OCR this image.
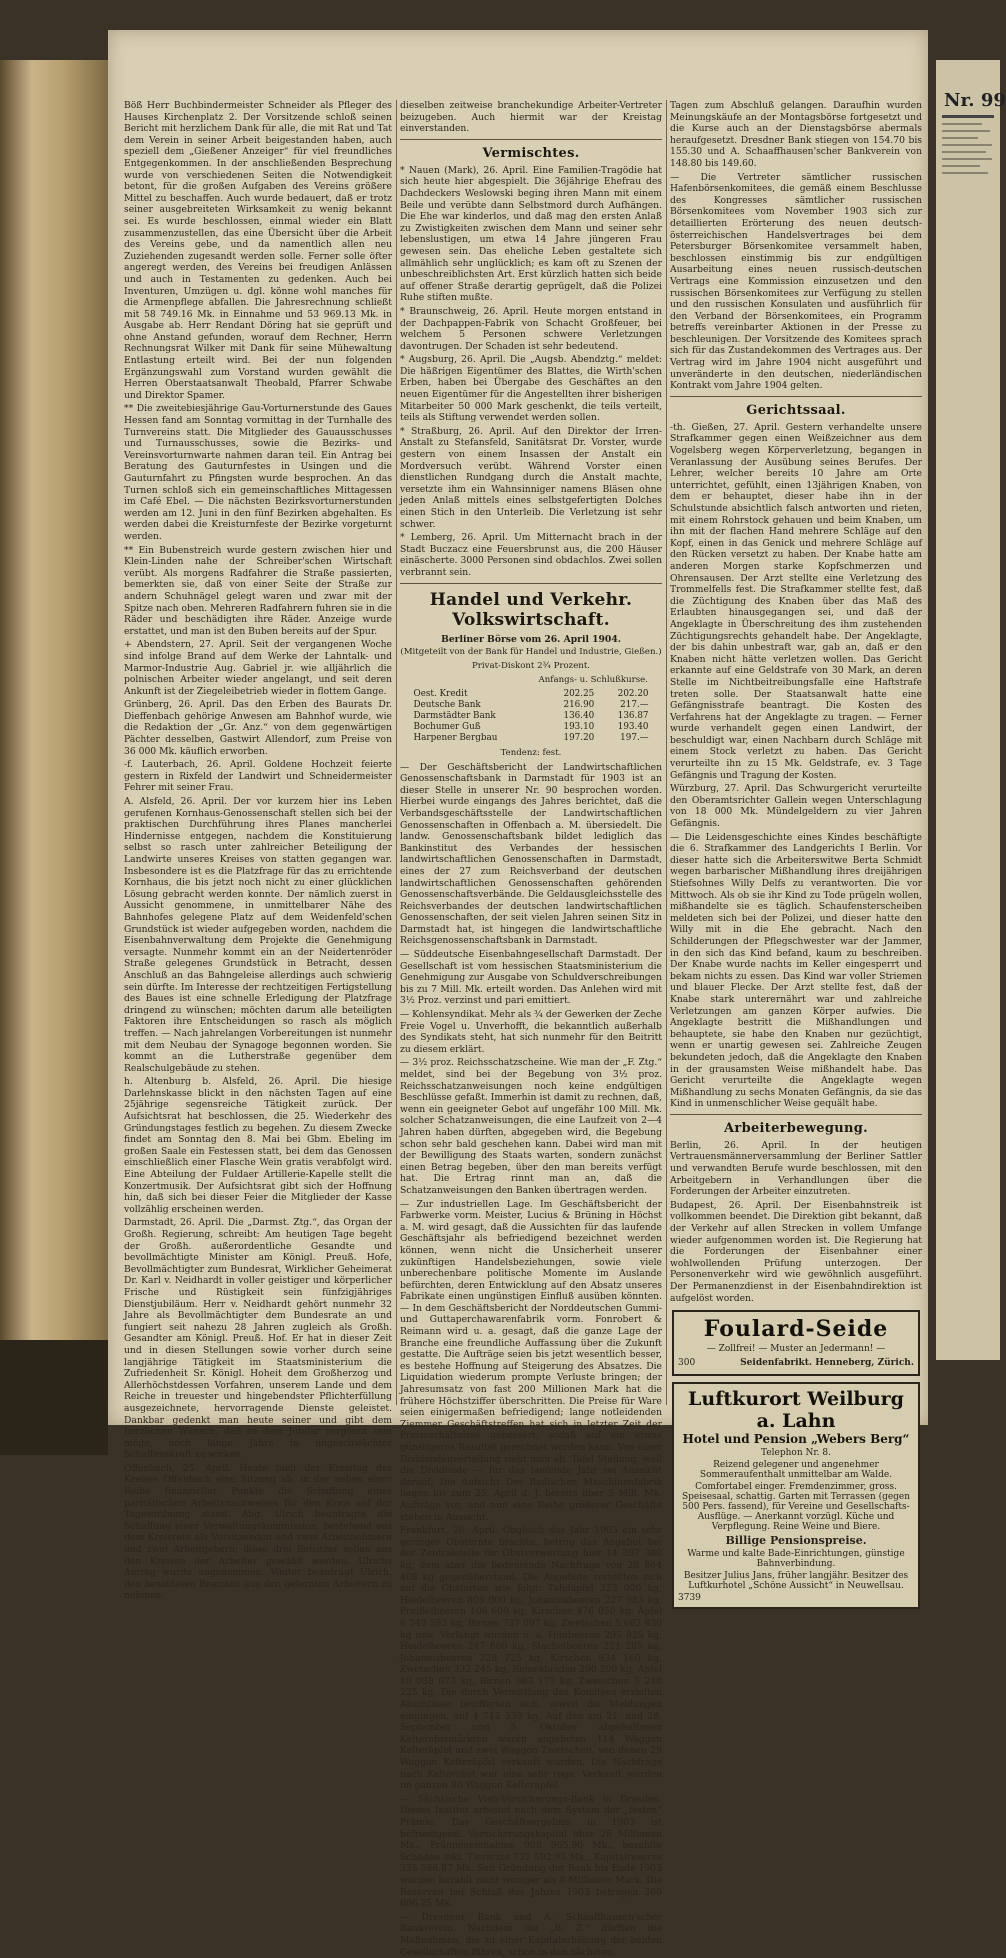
Nr. 99

Böß Herr Buchbindermeister Schneider als Pfleger des Hauses Kirchenplatz 2. Der Vorsitzende schloß seinen Bericht mit herzlichem Dank für alle, die mit Rat und Tat dem Verein in seiner Arbeit beigestanden haben, auch speziell dem „Gießener Anzeiger“ für viel freundliches Entgegenkommen. In der anschließenden Besprechung wurde von verschiedenen Seiten die Notwendigkeit betont, für die großen Aufgaben des Vereins größere Mittel zu beschaffen. Auch wurde bedauert, daß er trotz seiner ausgebreiteten Wirksamkeit zu wenig bekannt sei. Es wurde beschlossen, einmal wieder ein Blatt zusammenzustellen, das eine Übersicht über die Arbeit des Vereins gebe, und da namentlich allen neu Zuziehenden zugesandt werden solle. Ferner solle öfter angeregt werden, des Vereins bei freudigen Anlässen und auch in Testamenten zu gedenken. Auch bei Inventuren, Umzügen u. dgl. könne wohl manches für die Armenpflege abfallen. Die Jahresrechnung schließt mit 58 749.16 Mk. in Einnahme und 53 969.13 Mk. in Ausgabe ab. Herr Rendant Döring hat sie geprüft und ohne Anstand gefunden, worauf dem Rechner, Herrn Rechnungsrat Wilker mit Dank für seine Mühewaltung Entlastung erteilt wird. Bei der nun folgenden Ergänzungswahl zum Vorstand wurden gewählt die Herren Oberstaatsanwalt Theobald, Pfarrer Schwabe und Direktor Spamer.

** Die zweitebiesjährige Gau-Vorturnerstunde des Gaues Hessen fand am Sonntag vormittag in der Turnhalle des Turnvereins statt. Die Mitglieder des Gauausschusses und Turnausschusses, sowie die Bezirks- und Vereinsvorturnwarte nahmen daran teil. Ein Antrag bei Beratung des Gauturnfestes in Usingen und die Gauturnfahrt zu Pfingsten wurde besprochen. An das Turnen schloß sich ein gemeinschaftliches Mittagessen im Café Ebel. — Die nächsten Bezirksvorturnerstunden werden am 12. Juni in den fünf Bezirken abgehalten. Es werden dabei die Kreisturnfeste der Bezirke vorgeturnt werden.

** Ein Bubenstreich wurde gestern zwischen hier und Klein-Linden nahe der Schreiber'schen Wirtschaft verübt. Als morgens Radfahrer die Straße passierten, bemerkten sie, daß von einer Seite der Straße zur andern Schuhnägel gelegt waren und zwar mit der Spitze nach oben. Mehreren Radfahrern fuhren sie in die Räder und beschädigten ihre Räder. Anzeige wurde erstattet, und man ist den Buben bereits auf der Spur.

+ Abendstern, 27. April. Seit der vergangenen Woche sind infolge Brand auf dem Werke der Lahntalk- und Marmor-Industrie Aug. Gabriel jr. wie alljährlich die polnischen Arbeiter wieder angelangt, und seit deren Ankunft ist der Ziegeleibetrieb wieder in flottem Gange.

Grünberg, 26. April. Das den Erben des Baurats Dr. Dieffenbach gehörige Anwesen am Bahnhof wurde, wie die Redaktion der „Gr. Anz.“ von dem gegenwärtigen Pächter desselben, Gastwirt Allendorf, zum Preise von 36 000 Mk. käuflich erworben.

-f. Lauterbach, 26. April. Goldene Hochzeit feierte gestern in Rixfeld der Landwirt und Schneidermeister Fehrer mit seiner Frau.

A. Alsfeld, 26. April. Der vor kurzem hier ins Leben gerufenen Kornhaus-Genossenschaft stellen sich bei der praktischen Durchführung ihres Planes mancherlei Hindernisse entgegen, nachdem die Konstituierung selbst so rasch unter zahlreicher Beteiligung der Landwirte unseres Kreises von statten gegangen war. Insbesondere ist es die Platzfrage für das zu errichtende Kornhaus, die bis jetzt noch nicht zu einer glücklichen Lösung gebracht werden konnte. Der nämlich zuerst in Aussicht genommene, in unmittelbarer Nähe des Bahnhofes gelegene Platz auf dem Weidenfeld'schen Grundstück ist wieder aufgegeben worden, nachdem die Eisenbahnverwaltung dem Projekte die Genehmigung versagte. Nunmehr kommt ein an der Neidertenröder Straße gelegenes Grundstück in Betracht, dessen Anschluß an das Bahngeleise allerdings auch schwierig sein dürfte. Im Interesse der rechtzeitigen Fertigstellung des Baues ist eine schnelle Erledigung der Platzfrage dringend zu wünschen; möchten darum alle beteiligten Faktoren ihre Entscheidungen so rasch als möglich treffen. — Nach jahrelangen Vorbereitungen ist nunmehr mit dem Neubau der Synagoge begonnen worden. Sie kommt an die Lutherstraße gegenüber dem Realschulgebäude zu stehen.

h. Altenburg b. Alsfeld, 26. April. Die hiesige Darlehnskasse blickt in den nächsten Tagen auf eine 25jährige segensreiche Tätigkeit zurück. Der Aufsichtsrat hat beschlossen, die 25. Wiederkehr des Gründungstages festlich zu begehen. Zu diesem Zwecke findet am Sonntag den 8. Mai bei Gbm. Ebeling im großen Saale ein Festessen statt, bei dem das Genossen einschließlich einer Flasche Wein gratis verabfolgt wird. Eine Abteilung der Fuldaer Artillerie-Kapelle stellt die Konzertmusik. Der Aufsichtsrat gibt sich der Hoffnung hin, daß sich bei dieser Feier die Mitglieder der Kasse vollzählig erscheinen werden.

Darmstadt, 26. April. Die „Darmst. Ztg.“, das Organ der Großh. Regierung, schreibt: Am heutigen Tage begeht der Großh. außerordentliche Gesandte und bevollmächtigte Minister am Königl. Preuß. Hofe, Bevollmächtigter zum Bundesrat, Wirklicher Geheimerat Dr. Karl v. Neidhardt in voller geistiger und körperlicher Frische und Rüstigkeit sein fünfzigjähriges Dienstjubiläum. Herr v. Neidhardt gehört nunmehr 32 Jahre als Bevollmächtigter dem Bundesrate an und fungiert seit nahezu 28 Jahren zugleich als Großh. Gesandter am Königl. Preuß. Hof. Er hat in dieser Zeit und in diesen Stellungen sowie vorher durch seine langjährige Tätigkeit im Staatsministerium die Zufriedenheit Sr. Königl. Hoheit dem Großherzog und Allerhöchstdessen Vorfahren, unserem Lande und dem Reiche in treuester und hingebendster Pflichterfüllung ausgezeichnete, hervorragende Dienste geleistet. Dankbar gedenkt man heute seiner und gibt dem herzlichen Wunsch, daß es dem Jubilar vergönnt sein möge, noch lange Jahre in ungeschwächter Schaffenskraft zu wirken.

Offenbach, 25. April. Heute hielt der Kreistag des Kreises Offenbach eine Sitzung ab, in der neben einer Reihe finanzieller Punkte die Schaffung eines paritätischen Arbeitsnachweises für den Kreis auf der Tagesordnung stand. Abg. Ulrich beantragte die Schaffung einer Verwaltungskommission, bestehend aus dem Kreisrate als Vorsitzenden und zwei Arbeitnehmern und zwei Arbeitgebern; diese drei Beisitzer sollen aus den Kreisen der Arbeiter gewählt werden. Ulrichs Antrag wurde angenommen. Weiter beantragt Ulrich, den besoldeten Beamten aus den gelernten Arbeitern zu nehmen.

dieselben zeitweise branchekundige Arbeiter-Vertreter beizugeben. Auch hiermit war der Kreistag einverstanden.

Vermischtes.

* Nauen (Mark), 26. April. Eine Familien-Tragödie hat sich heute hier abgespielt. Die 36jährige Ehefrau des Dachdeckers Weslowski beging ihren Mann mit einem Beile und verübte dann Selbstmord durch Aufhängen. Die Ehe war kinderlos, und daß mag den ersten Anlaß zu Zwistigkeiten zwischen dem Mann und seiner sehr lebenslustigen, um etwa 14 Jahre jüngeren Frau gewesen sein. Das eheliche Leben gestaltete sich allmählich sehr unglücklich; es kam oft zu Szenen der unbeschreiblichsten Art. Erst kürzlich hatten sich beide auf offener Straße derartig geprügelt, daß die Polizei Ruhe stiften mußte.

* Braunschweig, 26. April. Heute morgen entstand in der Dachpappen-Fabrik von Schacht Großfeuer, bei welchem 5 Personen schwere Verletzungen davontrugen. Der Schaden ist sehr bedeutend.

* Augsburg, 26. April. Die „Augsb. Abendztg.“ meldet: Die häßrigen Eigentümer des Blattes, die Wirth'schen Erben, haben bei Übergabe des Geschäftes an den neuen Eigentümer für die Angestellten ihrer bisherigen Mitarbeiter 50 000 Mark geschenkt, die teils verteilt, teils als Stiftung verwendet werden sollen.

* Straßburg, 26. April. Auf den Direktor der Irren-Anstalt zu Stefansfeld, Sanitätsrat Dr. Vorster, wurde gestern von einem Insassen der Anstalt ein Mordversuch verübt. Während Vorster einen dienstlichen Rundgang durch die Anstalt machte, versetzte ihm ein Wahnsinniger namens Bläsen ohne jeden Anlaß mittels eines selbstgefertigten Dolches einen Stich in den Unterleib. Die Verletzung ist sehr schwer.

* Lemberg, 26. April. Um Mitternacht brach in der Stadt Buczacz eine Feuersbrunst aus, die 200 Häuser einäscherte. 3000 Personen sind obdachlos. Zwei sollen verbrannt sein.

Handel und Verkehr. Volkswirtschaft.
Berliner Börse vom 26. April 1904.
(Mitgeteilt von der Bank für Handel und Industrie, Gießen.)
Privat-Diskont 2¾ Prozent.
Anfangs- u. Schlußkurse.
Oest. Kredit	202.25	202.20
Deutsche Bank	216.90	217.—
Darmstädter Bank	136.40	136.87
Bochumer Guß	193.10	193.40
Harpener Bergbau	197.20	197.—
Tendenz: fest.

— Der Geschäftsbericht der Landwirtschaftlichen Genossenschaftsbank in Darmstadt für 1903 ist an dieser Stelle in unserer Nr. 90 besprochen worden. Hierbei wurde eingangs des Jahres berichtet, daß die Verbandsgeschäftsstelle der Landwirtschaftlichen Genossenschaften in Offenbach a. M. übersiedelt. Die landw. Genossenschaftsbank bildet lediglich das Bankinstitut des Verbandes der hessischen landwirtschaftlichen Genossenschaften in Darmstadt, eines der 27 zum Reichsverband der deutschen landwirtschaftlichen Genossenschaften gehörenden Genossenschaftsverbände. Die Geldausgleichsstelle des Reichsverbandes der deutschen landwirtschaftlichen Genossenschaften, der seit vielen Jahren seinen Sitz in Darmstadt hat, ist hingegen die landwirtschaftliche Reichsgenossenschaftsbank in Darmstadt.

— Süddeutsche Eisenbahngesellschaft Darmstadt. Der Gesellschaft ist vom hessischen Staatsministerium die Genehmigung zur Ausgabe von Schuldverschreibungen bis zu 7 Mill. Mk. erteilt worden. Das Anlehen wird mit 3½ Proz. verzinst und pari emittiert.

— Kohlensyndikat. Mehr als ¾ der Gewerken der Zeche Freie Vogel u. Unverhofft, die bekanntlich außerhalb des Syndikats steht, hat sich nunmehr für den Beitritt zu diesem erklärt.

— 3½ proz. Reichsschatzscheine. Wie man der „F. Ztg.“ meldet, sind bei der Begebung von 3½ proz. Reichsschatzanweisungen noch keine endgültigen Beschlüsse gefaßt. Immerhin ist damit zu rechnen, daß, wenn ein geeigneter Gebot auf ungefähr 100 Mill. Mk. solcher Schatzanweisungen, die eine Laufzeit von 2—4 Jahren haben dürften, abgegeben wird, die Begebung schon sehr bald geschehen kann. Dabei wird man mit der Bewilligung des Staats warten, sondern zunächst einen Betrag begeben, über den man bereits verfügt hat. Die Ertrag rinnt man an, daß die Schatzanweisungen den Banken übertragen werden.

— Zur industriellen Lage. Im Geschäftsbericht der Farbwerke vorm. Meister, Lucius & Brüning in Höchst a. M. wird gesagt, daß die Aussichten für das laufende Geschäftsjahr als befriedigend bezeichnet werden können, wenn nicht die Unsicherheit unserer zukünftigen Handelsbeziehungen, sowie viele unberechenbare politische Momente im Auslande befürchten, deren Entwicklung auf den Absatz unseres Fabrikate einen ungünstigen Einfluß ausüben könnten. — In dem Geschäftsbericht der Norddeutschen Gummi- und Guttaperchawarenfabrik vorm. Fonrobert & Reimann wird u. a. gesagt, daß die ganze Lage der Branche eine freundliche Auffassung über die Zukunft gestatte. Die Aufträge seien bis jetzt wesentlich besser, es bestehe Hoffnung auf Steigerung des Absatzes. Die Liquidation wiederum prompte Verluste bringen; der Jahresumsatz von fast 200 Millionen Mark hat die frühere Höchstziffer überschritten. Die Preise für Ware seien einigermaßen befriedigend; lange notleidenden Ziemmer Geschäftstreffen hat sich in letzter Zeit der Preisverhältnisse gebessert, sodaß auf ein etwas günstigeres Resultat gerechnet werden kann. Von einer Dividendenverteilung sieht man ab. Tafel Stellung, weil die Dividende — für das laufende Jahr sei Aussicht darauf; Die Aufsicht Des Badischen Maschinenfabrik liegen bis zum 25. April d. J. bereits über 5 Mill. Mk. Aufträge vor, und nun eine Reihe größerer Geschäfte stehen in Aussicht.

Frankfurt, 26. April. Obgleich das Jahr 1903 ein sehr geringer Obsternte brachte, betrug das Angebot bei der Zentralstelle für Obstverwertung hier 14 397 380 kg, dem aber die bedeutende Nachfrage von 28 864 408 kg gegenüberstand. Die Angebote verteilten sich auf die Obstarten wie folgt: Tafeläpfel 323 000 kg, Heidelbeeren 809 000 kg, Johannisbeeren 227 983 kg, Preißelbeeren 106 609 kg, Kirschen 476 050 kg, Äpfel 6 349 593 kg, Birnen 737 097 kg, Zwetschen 5 662 830 kg usw. Verlangt wurden u. a. Himbeeren 295 825 kg, Heidelbeeren 247 660 kg, Stachelbeeren 221 285 kg, Johannisbeeren 228 725 kg, Kirschen 934 160 kg, Zwetschen 332 245 kg, Reineklauden 290 200 kg, Äpfel 19 038 073 kg, Birnen 983 175 kg, Zwetschen 5 240 225 kg. Die durch Vermittlung des Komitees erzielten Abschlüsse bezifferten sich, soweit die Meldungen eingingen, auf 4 712 339 kg. Auf den am 21. und 28. September und 5. Oktober abgehaltenen Kelterobstmärkten waren angeboten 114 Waggon Kelteräpfel und zwei Waggon Zwetschen, von denen 29 Waggon Kelteräpfel verkauft wurden. Die Nachfrage nach Kelterobst war eine sehr rege. Verkauft wurden im ganzen 80 Waggon Kelteräpfel.

— Sächsische Vieh-Versicherungs-Bank in Dresden. Dieses Institut arbeitet nach dem System der „festen“ Prämie. Das Geschäftsergebnis in 1903 ist befriedigend: Versicherungskapital über 26 Millionen Mk., Prämieneinnahme 908 905.90 Mk., bezahlte Schäden inkl. Tierärzte 732 592.95 Mk., Kapitalreserve 335 586.87 Mk. Seit Gründung der Bank bis Ende 1903 wurden bezahlt nicht weniger als 8 Millionen Mark. Die Reserven bei Schluß des Jahres 1903 betragen 360 006.25 Mk.

— Dresdner Bank und A. Schaaffhausen'scher Bankverein. Nachdem die „B. Z.“ dürften die Maßnahmen, die zu einer Kapitalerhöhung der beiden Gesellschaften führen, schon in den nächsten

Tagen zum Abschluß gelangen. Daraufhin wurden Meinungskäufe an der Montagsbörse fortgesetzt und die Kurse auch an der Dienstagsbörse abermals heraufgesetzt. Dresdner Bank stiegen von 154.70 bis 155.30 und A. Schaaffhausen'scher Bankverein von 148.80 bis 149.60.

— Die Vertreter sämtlicher russischen Hafenbörsenkomitees, die gemäß einem Beschlusse des Kongresses sämtlicher russischen Börsenkomitees vom November 1903 sich zur detaillierten Erörterung des neuen deutsch-österreichischen Handelsvertrages bei dem Petersburger Börsenkomitee versammelt haben, beschlossen einstimmig bis zur endgültigen Ausarbeitung eines neuen russisch-deutschen Vertrags eine Kommission einzusetzen und den russischen Börsenkomitees zur Verfügung zu stellen und den russischen Konsulaten und ausführlich für den Verband der Börsenkomitees, ein Programm betreffs vereinbarter Aktionen in der Presse zu beschleunigen. Der Vorsitzende des Komitees sprach sich für das Zustandekommen des Vertrages aus. Der Vertrag wird im Jahre 1904 nicht ausgeführt und unveränderte in den deutschen, niederländischen Kontrakt vom Jahre 1904 gelten.

Gerichtssaal.

-th. Gießen, 27. April. Gestern verhandelte unsere Strafkammer gegen einen Weißzeichner aus dem Vogelsberg wegen Körperverletzung, begangen in Veranlassung der Ausübung seines Berufes. Der Lehrer, welcher bereits 10 Jahre am Orte unterrichtet, gefühlt, einen 13jährigen Knaben, von dem er behauptet, dieser habe ihn in der Schulstunde absichtlich falsch antworten und rieten, mit einem Rohrstock gehauen und beim Knaben, um ihn mit der flachen Hand mehrere Schläge auf den Kopf, einen in das Genick und mehrere Schläge auf den Rücken versetzt zu haben. Der Knabe hatte am anderen Morgen starke Kopfschmerzen und Ohrensausen. Der Arzt stellte eine Verletzung des Trommelfells fest. Die Strafkammer stellte fest, daß die Züchtigung des Knaben über das Maß des Erlaubten hinausgegangen sei, und daß der Angeklagte in Überschreitung des ihm zustehenden Züchtigungsrechts gehandelt habe. Der Angeklagte, der bis dahin unbestraft war, gab an, daß er den Knaben nicht hätte verletzen wollen. Das Gericht erkannte auf eine Geldstrafe von 30 Mark, an deren Stelle im Nichtbeitreibungsfalle eine Haftstrafe treten solle. Der Staatsanwalt hatte eine Gefängnisstrafe beantragt. Die Kosten des Verfahrens hat der Angeklagte zu tragen. — Ferner wurde verhandelt gegen einen Landwirt, der beschuldigt war, einen Nachbarn durch Schläge mit einem Stock verletzt zu haben. Das Gericht verurteilte ihn zu 15 Mk. Geldstrafe, ev. 3 Tage Gefängnis und Tragung der Kosten.

Würzburg, 27. April. Das Schwurgericht verurteilte den Oberamtsrichter Gallein wegen Unterschlagung von 18 000 Mk. Mündelgeldern zu vier Jahren Gefängnis.

— Die Leidensgeschichte eines Kindes beschäftigte die 6. Strafkammer des Landgerichts I Berlin. Vor dieser hatte sich die Arbeiterswitwe Berta Schmidt wegen barbarischer Mißhandlung ihres dreijährigen Stiefsohnes Willy Delfs zu verantworten. Die vor Mittwoch. Als ob sie ihr Kind zu Tode prügeln wollen, mißhandelte sie es täglich. Schaufensterscheiben meldeten sich bei der Polizei, und dieser hatte den Willy mit in die Ehe gebracht. Nach den Schilderungen der Pflegschwester war der Jammer, in den sich das Kind befand, kaum zu beschreiben. Der Knabe wurde nachts im Keller eingesperrt und bekam nichts zu essen. Das Kind war voller Striemen und blauer Flecke. Der Arzt stellte fest, daß der Knabe stark unterernährt war und zahlreiche Verletzungen am ganzen Körper aufwies. Die Angeklagte bestritt die Mißhandlungen und behauptete, sie habe den Knaben nur gezüchtigt, wenn er unartig gewesen sei. Zahlreiche Zeugen bekundeten jedoch, daß die Angeklagte den Knaben in der grausamsten Weise mißhandelt habe. Das Gericht verurteilte die Angeklagte wegen Mißhandlung zu sechs Monaten Gefängnis, da sie das Kind in unmenschlicher Weise gequält habe.

Arbeiterbewegung.

Berlin, 26. April. In der heutigen Vertrauensmännerversammlung der Berliner Sattler und verwandten Berufe wurde beschlossen, mit den Arbeitgebern in Verhandlungen über die Forderungen der Arbeiter einzutreten.

Budapest, 26. April. Der Eisenbahnstreik ist vollkommen beendet. Die Direktion gibt bekannt, daß der Verkehr auf allen Strecken in vollem Umfange wieder aufgenommen worden ist. Die Regierung hat die Forderungen der Eisenbahner einer wohlwollenden Prüfung unterzogen. Der Personenverkehr wird wie gewöhnlich ausgeführt. Der Permanenzdienst in der Eisenbahndirektion ist aufgelöst worden.

Foulard-Seide
— Zollfrei! — Muster an Jedermann! —
300	Seidenfabrikt. Henneberg, Zürich.
Luftkurort Weilburg a. Lahn
Hotel und Pension „Webers Berg“
Telephon Nr. 8.
Reizend gelegener und angenehmer Sommeraufenthalt unmittelbar am Walde.
Comfortabel einger. Fremdenzimmer, gross. Speisesaal, schattig. Garten mit Terrassen (gegen 500 Pers. fassend), für Vereine und Gesellschafts-Ausflüge. — Anerkannt vorzügl. Küche und Verpflegung. Reine Weine und Biere.
Billige Pensionspreise.
Warme und kalte Bade-Einrichtungen, günstige Bahnverbindung.
Besitzer Julius Jans, früher langjähr. Besitzer des Luftkurhotel „Schöne Aussicht“ in Neuwellsau.
3739
